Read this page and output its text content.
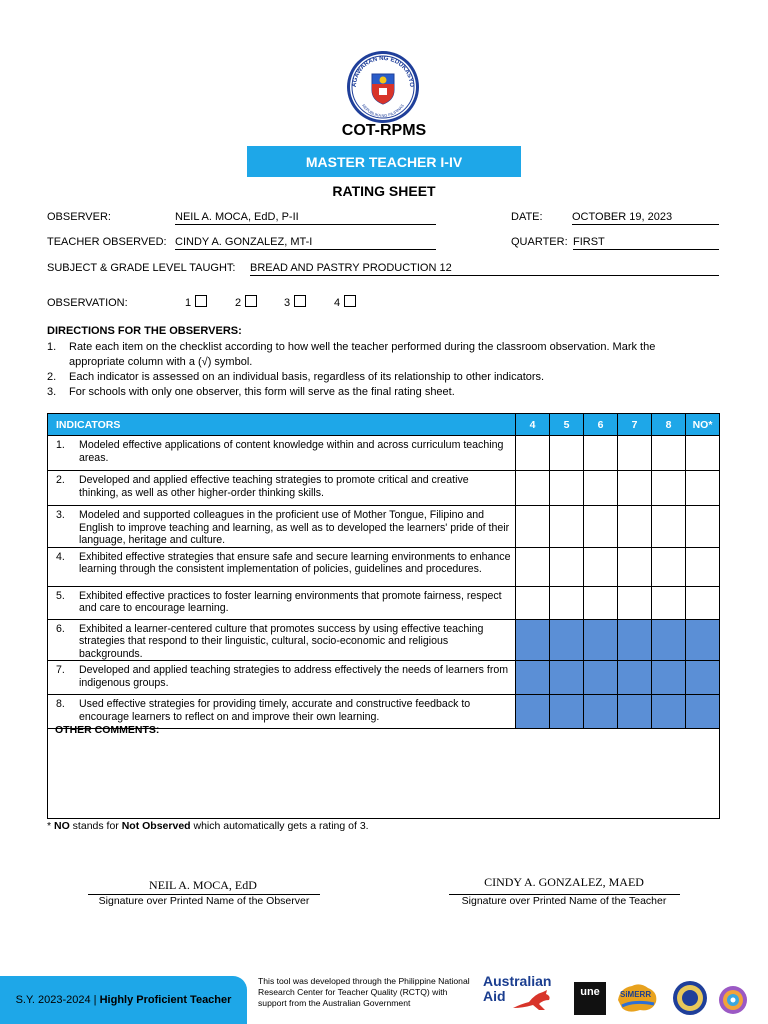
AGAWARAN NG EDUKASYO
REPUBLIKA NG PILIPINAS
COT-RPMS
MASTER TEACHER I-IV
RATING SHEET
OBSERVER:	NEIL A. MOCA, EdD, P-II	DATE:	OCTOBER 19, 2023
TEACHER OBSERVED: CINDY A. GONZALEZ, MT-I	QUARTER: FIRST
SUBJECT & GRADE LEVEL TAUGHT: BREAD AND PASTRY PRODUCTION 12
OBSERVATION:	1	2	3	4
DIRECTIONS FOR THE OBSERVERS:
1. Rate each item on the checklist according to how well the teacher performed during the classroom observation. Mark the appropriate column with a (√) symbol.
2. Each indicator is assessed on an individual basis, regardless of its relationship to other indicators.
3. For schools with only one observer, this form will serve as the final rating sheet.
INDICATORS	4	5	6	7	8	NO*

1. Modeled effective applications of content knowledge within and across curriculum teaching areas.						

2. Developed and applied effective teaching strategies to promote critical and creative thinking, as well as other higher-order thinking skills.						

3. Modeled and supported colleagues in the proficient use of Mother Tongue, Filipino and English to improve teaching and learning, as well as to developed the learners' pride of their language, heritage and culture.						

4. Exhibited effective strategies that ensure safe and secure learning environments to enhance learning through the consistent implementation of policies, guidelines and procedures.						

5. Exhibited effective practices to foster learning environments that promote fairness, respect and care to encourage learning.						

6. Exhibited a learner-centered culture that promotes success by using effective teaching strategies that respond to their linguistic, cultural, socio-economic and religious backgrounds.						

7. Developed and applied teaching strategies to address effectively the needs of learners from indigenous groups.						

8. Used effective strategies for providing timely, accurate and constructive feedback to encourage learners to reflect on and improve their own learning.						

OTHER COMMENTS:
* NO stands for Not Observed which automatically gets a rating of 3.
NEIL A. MOCA, EdD
Signature over Printed Name of the Observer
CINDY A. GONZALEZ, MAED
Signature over Printed Name of the Teacher
S.Y. 2023-2024 |
Highly Proficient Teacher
This tool was developed through the Philippine National Research Center for Teacher Quality (RCTQ) with support from the Australian Government
Australian
Aid	une	SiMERR
